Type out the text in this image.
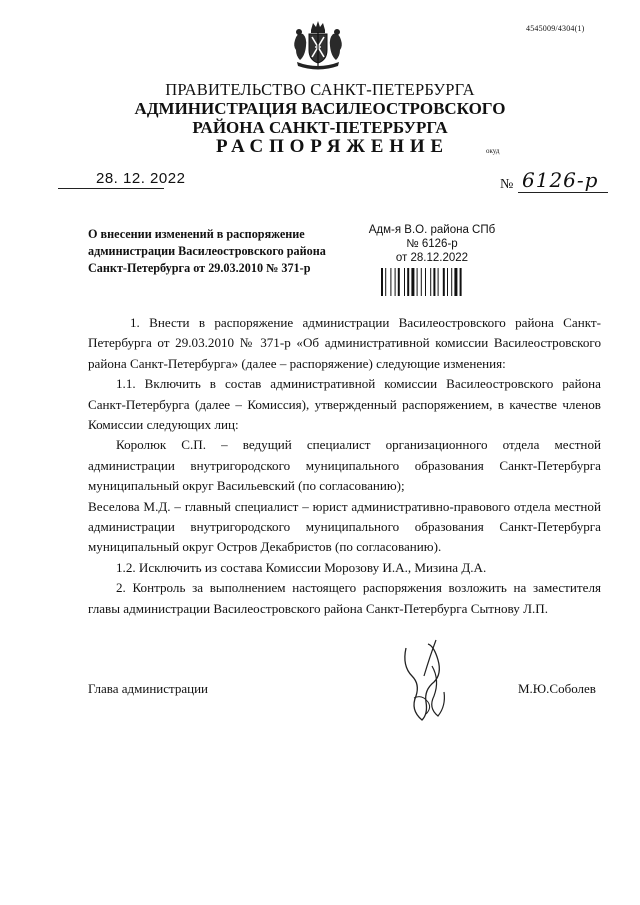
4545009/4304(1)
ПРАВИТЕЛЬСТВО САНКТ-ПЕТЕРБУРГА
АДМИНИСТРАЦИЯ ВАСИЛЕОСТРОВСКОГО
РАЙОНА САНКТ-ПЕТЕРБУРГА
РАСПОРЯЖЕНИЕ	окуд
28. 12. 2022	№ 6126-р
О внесении изменений в распоряжение
администрации Василеостровского района
Санкт-Петербурга от 29.03.2010 № 371-р
Адм-я В.О. района СПб
№ 6126-р
от 28.12.2022

1. Внести в распоряжение администрации Василеостровского района Санкт-Петербурга от 29.03.2010 № 371-р «Об административной комиссии Василеостровского района Санкт-Петербурга» (далее – распоряжение) следующие изменения:

1.1. Включить в состав административной комиссии Василеостровского района Санкт-Петербурга (далее – Комиссия), утвержденный распоряжением, в качестве членов Комиссии следующих лиц:

Королюк С.П. – ведущий специалист организационного отдела местной администрации внутригородского муниципального образования Санкт-Петербурга муниципальный округ Васильевский (по согласованию);

Веселова М.Д. – главный специалист – юрист административно-правового отдела местной администрации внутригородского муниципального образования Санкт-Петербурга муниципальный округ Остров Декабристов (по согласованию).

1.2. Исключить из состава Комиссии Морозову И.А., Мизина Д.А.

2. Контроль за выполнением настоящего распоряжения возложить на заместителя главы администрации Василеостровского района Санкт-Петербурга Сытнову Л.П.

Глава администрации	М.Ю.Соболев
